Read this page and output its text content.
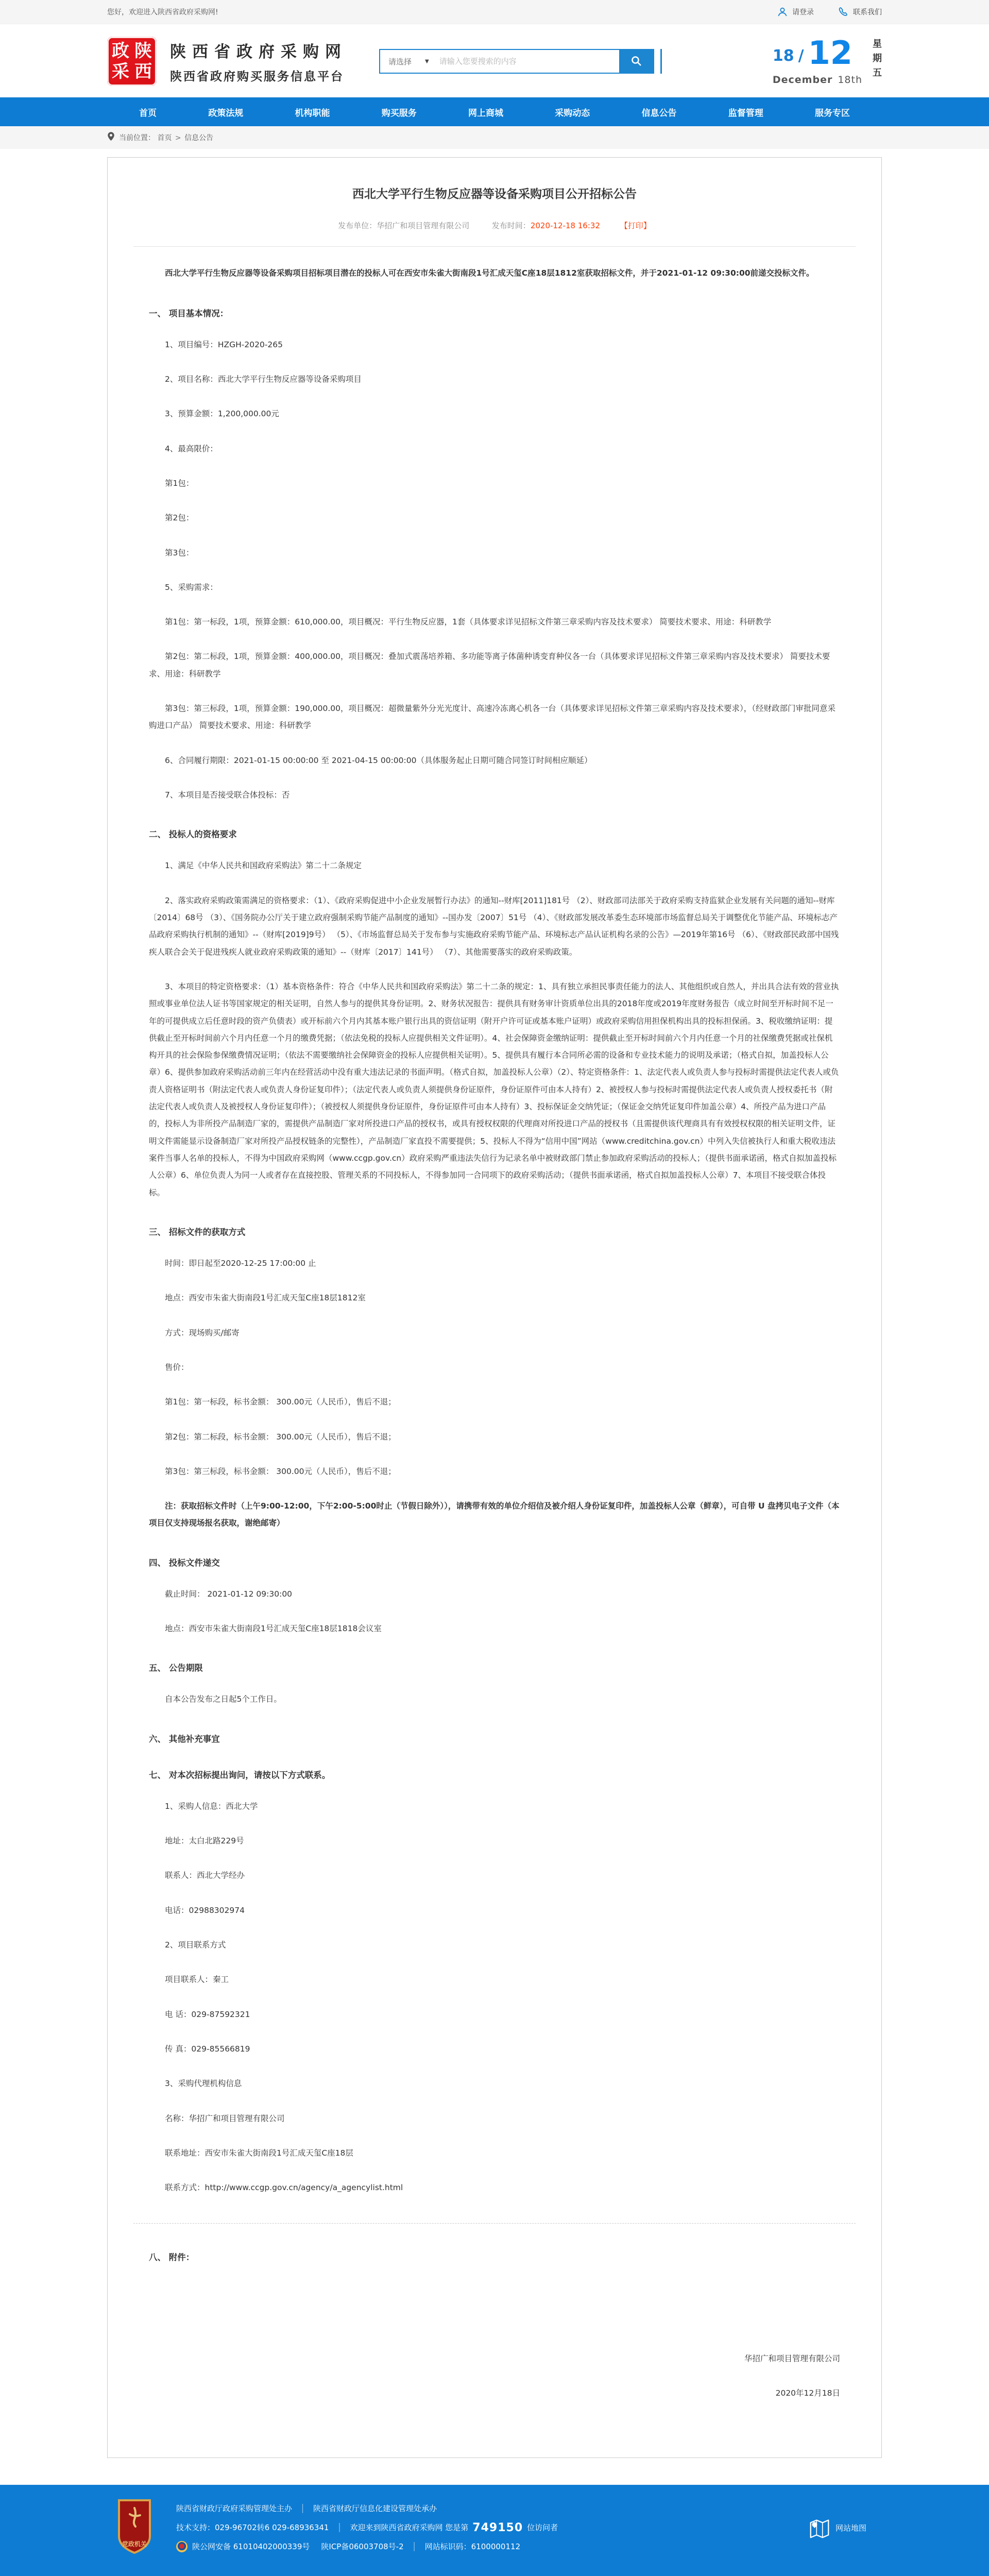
您好，欢迎进入陕西省政府采购网!	请登录	联系我们
政 陕
采 西
陕西省政府采购网
陕西省政府购买服务信息平台
请选择	▼
请输入您要搜索的内容	18 / 12
December 18th
星
期
五
首页	政策法规	机构职能	购买服务	网上商城	采购动态	信息公告	监督管理	服务专区
当前位置： 首页 > 信息公告
西北大学平行生物反应器等设备采购项目公开招标公告
发布单位：华招广和项目管理有限公司	发布时间：2020-12-18 16:32	【打印】
西北大学平行生物反应器等设备采购项目招标项目潜在的投标人可在西安市朱雀大街南段1号汇成天玺C座18层1812室获取招标文件，并于2021-01-12 09:30:00前递交投标文件。
一、 项目基本情况：
1、项目编号：HZGH-2020-265
2、项目名称：西北大学平行生物反应器等设备采购项目
3、预算金额：1,200,000.00元
4、最高限价：
第1包：
第2包：
第3包：
5、采购需求：
第1包：第一标段，1项，预算金额：610,000.00，项目概况：平行生物反应器，1套（具体要求详见招标文件第三章采购内容及技术要求） 简要技术要求、用途：科研教学
第2包：第二标段，1项，预算金额：400,000.00，项目概况：叠加式震荡培养箱、多功能等离子体菌种诱变育种仪各一台（具体要求详见招标文件第三章采购内容及技术要求） 简要技术要求、用途：科研教学
第3包：第三标段，1项，预算金额：190,000.00，项目概况：超微量紫外分光光度计、高速冷冻离心机各一台（具体要求详见招标文件第三章采购内容及技术要求），（经财政部门审批同意采购进口产品） 简要技术要求、用途：科研教学
6、合同履行期限：2021-01-15 00:00:00 至 2021-04-15 00:00:00（具体服务起止日期可随合同签订时间相应顺延）
7、本项目是否接受联合体投标：否
二、 投标人的资格要求
1、满足《中华人民共和国政府采购法》第二十二条规定
2、落实政府采购政策需满足的资格要求：（1）、《政府采购促进中小企业发展暂行办法》的通知--财库[2011]181号 （2）、财政部司法部关于政府采购支持监狱企业发展有关问题的通知--财库〔2014〕68号 （3）、《国务院办公厅关于建立政府强制采购节能产品制度的通知》--国办发〔2007〕51号 （4）、《财政部发展改革委生态环境部市场监督总局关于调整优化节能产品、环境标志产品政府采购执行机制的通知》--（财库[2019]9号） （5）、《市场监督总局关于发布参与实施政府采购节能产品、环境标志产品认证机构名录的公告》—2019年第16号 （6）、《财政部民政部中国残疾人联合会关于促进残疾人就业政府采购政策的通知》--（财库〔2017〕141号） （7）、其他需要落实的政府采购政策。
3、本项目的特定资格要求：（1）基本资格条件：符合《中华人民共和国政府采购法》第二十二条的规定：1、具有独立承担民事责任能力的法人、其他组织或自然人，并出具合法有效的营业执照或事业单位法人证书等国家规定的相关证明，自然人参与的提供其身份证明。2、财务状况报告：提供具有财务审计资质单位出具的2018年度或2019年度财务报告（成立时间至开标时间不足一年的可提供成立后任意时段的资产负债表）或开标前六个月内其基本账户银行出具的资信证明（附开户许可证或基本账户证明）或政府采购信用担保机构出具的投标担保函。3、税收缴纳证明：提供截止至开标时间前六个月内任意一个月的缴费凭据；（依法免税的投标人应提供相关文件证明）。4、社会保障资金缴纳证明：提供截止至开标时间前六个月内任意一个月的社保缴费凭据或社保机构开具的社会保险参保缴费情况证明；（依法不需要缴纳社会保障资金的投标人应提供相关证明）。5、提供具有履行本合同所必需的设备和专业技术能力的说明及承诺；（格式自拟，加盖投标人公章）6、提供参加政府采购活动前三年内在经营活动中没有重大违法记录的书面声明。（格式自拟，加盖投标人公章）（2）、特定资格条件：1、法定代表人或负责人参与投标时需提供法定代表人或负责人资格证明书（附法定代表人或负责人身份证复印件）；（法定代表人或负责人须提供身份证原件，身份证原件可由本人持有）2、被授权人参与投标时需提供法定代表人或负责人授权委托书（附法定代表人或负责人及被授权人身份证复印件）；（被授权人须提供身份证原件，身份证原件可由本人持有）3、投标保证金交纳凭证；（保证金交纳凭证复印件加盖公章）4、所投产品为进口产品的，投标人为非所投产品制造厂家的，需提供产品制造厂家对所投进口产品的授权书，或具有授权权限的代理商对所投进口产品的授权书（且需提供该代理商具有有效授权权限的相关证明文件，证明文件需能显示设备制造厂家对所投产品授权链条的完整性），产品制造厂家直投不需要提供；5、投标人不得为“信用中国”网站（www.creditchina.gov.cn）中列入失信被执行人和重大税收违法案件当事人名单的投标人，不得为中国政府采购网（www.ccgp.gov.cn）政府采购严重违法失信行为记录名单中被财政部门禁止参加政府采购活动的投标人；（提供书面承诺函，格式自拟加盖投标人公章）6、单位负责人为同一人或者存在直接控股、管理关系的不同投标人，不得参加同一合同项下的政府采购活动；（提供书面承诺函，格式自拟加盖投标人公章）7、本项目不接受联合体投标。
三、 招标文件的获取方式
时间：即日起至2020-12-25 17:00:00 止
地点：西安市朱雀大街南段1号汇成天玺C座18层1812室
方式：现场购买/邮寄
售价：
第1包：第一标段，标书金额： 300.00元（人民币），售后不退；
第2包：第二标段，标书金额： 300.00元（人民币），售后不退；
第3包：第三标段，标书金额： 300.00元（人民币），售后不退；
注：获取招标文件时（上午9:00-12:00，下午2:00-5:00时止（节假日除外）），请携带有效的单位介绍信及被介绍人身份证复印件，加盖投标人公章（鲜章），可自带 U 盘拷贝电子文件（本项目仅支持现场报名获取，谢绝邮寄）
四、 投标文件递交
截止时间： 2021-01-12 09:30:00
地点：西安市朱雀大街南段1号汇成天玺C座18层1818会议室
五、 公告期限
自本公告发布之日起5个工作日。
六、 其他补充事宜
七、 对本次招标提出询问，请按以下方式联系。
1、采购人信息：西北大学
地址：太白北路229号
联系人：西北大学经办
电话：02988302974
2、项目联系方式
项目联系人：秦工
电 话：029-87592321
传 真：029-85566819
3、采购代理机构信息
名称：华招广和项目管理有限公司
联系地址：西安市朱雀大街南段1号汇成天玺C座18层
联系方式：http://www.ccgp.gov.cn/agency/a_agencylist.html
八、 附件：
华招广和项目管理有限公司
2020年12月18日
党政机关
陕西省财政厅政府采购管理处主办 │ 陕西省财政厅信息化建设管理处承办
技术支持：029-96702转6 029-68936341 │ 欢迎来到陕西省政府采购网 您是第 749150 位访问者
陕公网安备 61010402000339号 陕ICP备06003708号-2 │ 网站标识码：6100000112
网站地图
